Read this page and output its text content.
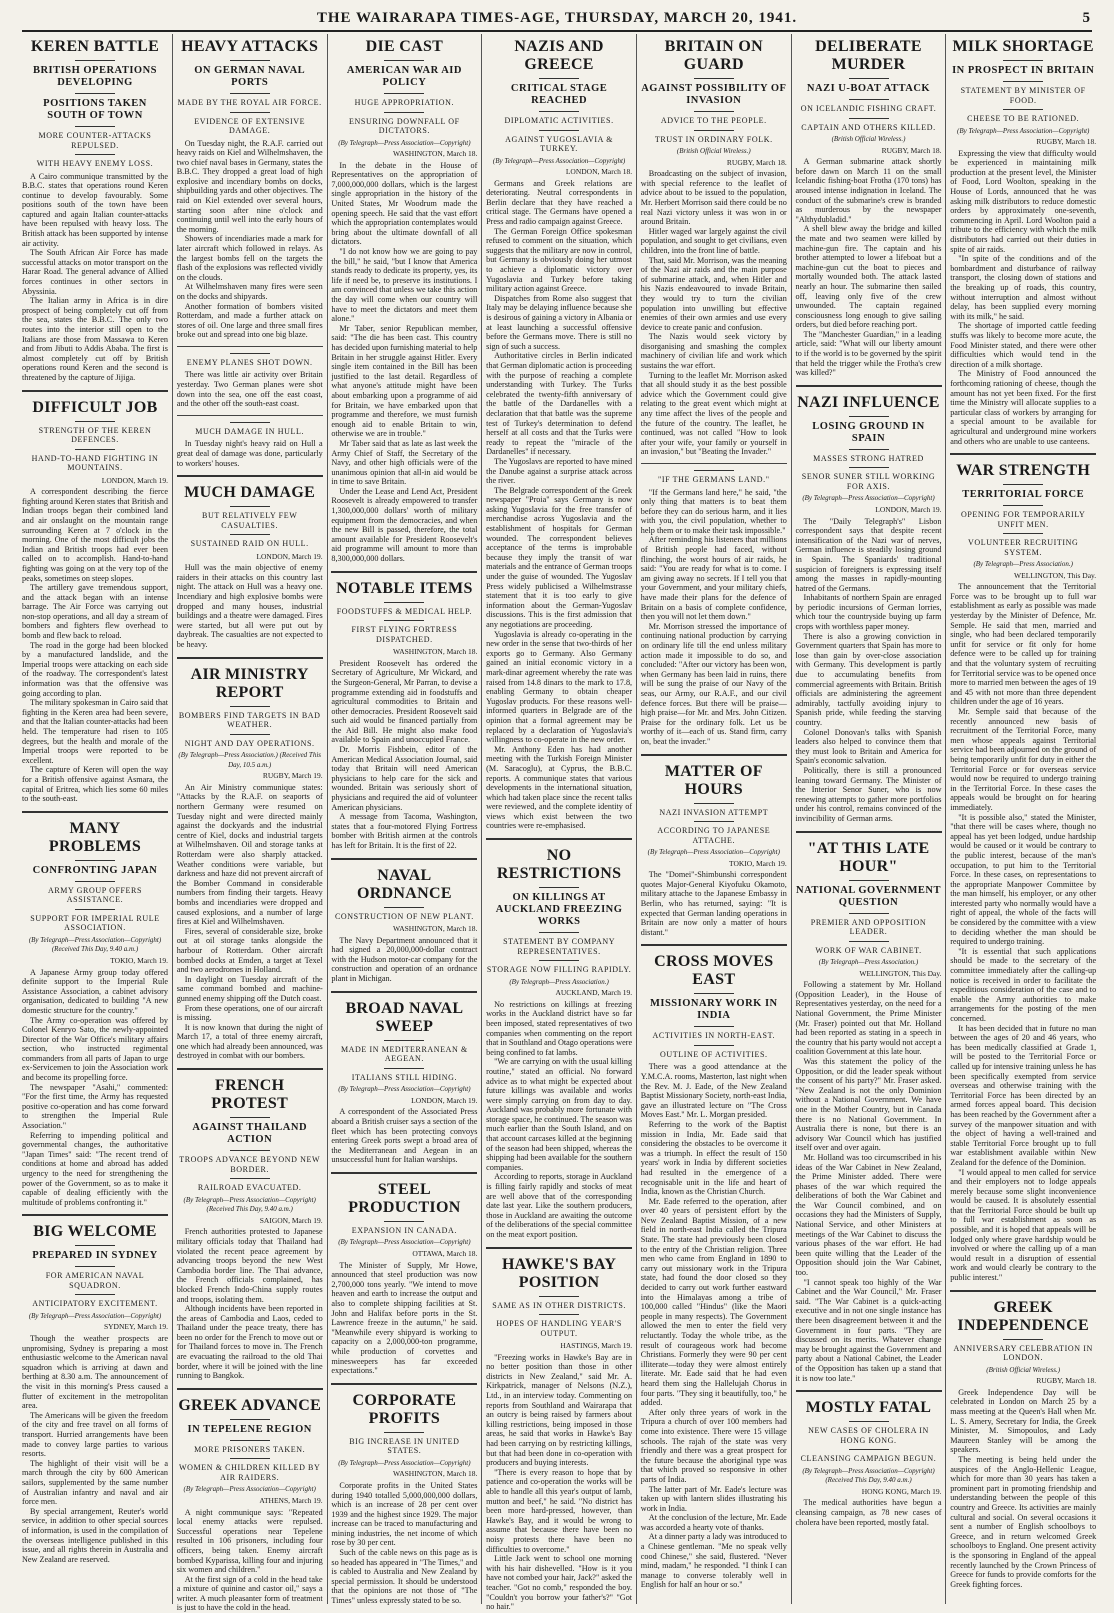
THE WAIRARAPA TIMES-AGE, THURSDAY, MARCH 20, 1941.	5
KEREN BATTLE
BRITISH OPERATIONS DEVELOPING
POSITIONS TAKEN SOUTH OF TOWN
MORE COUNTER-ATTACKS REPULSED.
WITH HEAVY ENEMY LOSS.

A Cairo communique transmitted by the B.B.C. states that operations round Keren continue to develop favourably. Some positions south of the town have been captured and again Italian counter-attacks have been repulsed with heavy loss. The British attack has been supported by intense air activity.

The South African Air Force has made successful attacks on motor transport on the Harar Road. The general advance of Allied forces continues in other sectors in Abyssinia.

The Italian army in Africa is in dire prospect of being completely cut off from the sea, states the B.B.C. The only two routes into the interior still open to the Italians are those from Massawa to Keren and from Jibuti to Addis Ababa. The first is almost completely cut off by British operations round Keren and the second is threatened by the capture of Jijiga.

DIFFICULT JOB
STRENGTH OF THE KEREN DEFENCES.
HAND-TO-HAND FIGHTING IN MOUNTAINS.
LONDON, March 19.

A correspondent describing the fierce fighting around Keren states that British and Indian troops began their combined land and air onslaught on the mountain range surrounding Keren at 7 o'clock in the morning. One of the most difficult jobs the Indian and British troops had ever been called on to accomplish. Hand-to-hand fighting was going on at the very top of the peaks, sometimes on steep slopes.

The artillery gave tremendous support, and the attack began with an intense barrage. The Air Force was carrying out non-stop operations, and all day a stream of bombers and fighters flew overhead to bomb and flew back to reload.

The road in the gorge had been blocked by a manufactured landslide, and the Imperial troops were attacking on each side of the roadway. The correspondent's latest information was that the offensive was going according to plan.

The military spokesman in Cairo said that fighting in the Keren area had been severe, and that the Italian counter-attacks had been held. The temperature had risen to 105 degrees, but the health and morale of the Imperial troops were reported to be excellent.

The capture of Keren will open the way for a British offensive against Asmara, the capital of Eritrea, which lies some 60 miles to the south-east.

MANY PROBLEMS
CONFRONTING JAPAN
ARMY GROUP OFFERS ASSISTANCE.
SUPPORT FOR IMPERIAL RULE ASSOCIATION.
(By Telegraph—Press Association—Copyright) (Received This Day, 9.40 a.m.)
TOKIO, March 19.

A Japanese Army group today offered definite support to the Imperial Rule Assistance Association, a cabinet advisory organisation, dedicated to building "A new domestic structure for the country."

The Army co-operation was offered by Colonel Kenryo Sato, the newly-appointed Director of the War Office's military affairs section, who instructed regimental commanders from all parts of Japan to urge ex-Servicemen to join the Association work and become its propelling force.

The newspaper "Asahi," commented: "For the first time, the Army has requested positive co-operation and has come forward to strengthen the Imperial Rule Association."

Referring to impending political and governmental changes, the authoritative "Japan Times" said: "The recent trend of conditions at home and abroad has added urgency to the need for strengthening the power of the Government, so as to make it capable of dealing efficiently with the multitude of problems confronting it."

BIG WELCOME
PREPARED IN SYDNEY
FOR AMERICAN NAVAL SQUADRON.
ANTICIPATORY EXCITEMENT.
(By Telegraph—Press Association—Copyright)
SYDNEY, March 19.

Though the weather prospects are unpromising, Sydney is preparing a most enthusiastic welcome to the American naval squadron which is arriving at dawn and berthing at 8.30 a.m. The announcement of the visit in this morning's Press caused a flutter of excitement in the metropolitan area.

The Americans will be given the freedom of the city and free travel on all forms of transport. Hurried arrangements have been made to convey large parties to various resorts.

The highlight of their visit will be a march through the city by 600 American sailors, supplemented by the same number of Australian infantry and naval and air force men.

By special arrangement, Reuter's world service, in addition to other special sources of information, is used in the compilation of the overseas intelligence published in this issue, and all rights therein in Australia and New Zealand are reserved.

HEAVY ATTACKS
ON GERMAN NAVAL PORTS
MADE BY THE ROYAL AIR FORCE.
EVIDENCE OF EXTENSIVE DAMAGE.

On Tuesday night, the R.A.F. carried out heavy raids on Kiel and Wilhelmshaven, the two chief naval bases in Germany, states the B.B.C. They dropped a great load of high explosive and incendiary bombs on docks, shipbuilding yards and other objectives. The raid on Kiel extended over several hours, starting soon after nine o'clock and continuing until well into the early hours of the morning.

Showers of incendiaries made a mark for later aircraft which followed in relays. As the largest bombs fell on the targets the flash of the explosions was reflected vividly on the clouds.

At Wilhelmshaven many fires were seen on the docks and shipyards.

Another formation of bombers visited Rotterdam, and made a further attack on stores of oil. One large and three small fires broke out and spread into one big blaze.

ENEMY PLANES SHOT DOWN.

There was little air activity over Britain yesterday. Two German planes were shot down into the sea, one off the east coast, and the other off the south-east coast.

MUCH DAMAGE IN HULL.

In Tuesday night's heavy raid on Hull a great deal of damage was done, particularly to workers' houses.

MUCH DAMAGE
BUT RELATIVELY FEW CASUALTIES.
SUSTAINED RAID ON HULL.
LONDON, March 19.

Hull was the main objective of enemy raiders in their attacks on this country last night. The attack on Hull was a heavy one. Incendiary and high explosive bombs were dropped and many houses, industrial buildings and a theatre were damaged. Fires were started, but all were put out by daybreak. The casualties are not expected to be heavy.

AIR MINISTRY REPORT
BOMBERS FIND TARGETS IN BAD WEATHER.
NIGHT AND DAY OPERATIONS.
(By Telegraph—Press Association.) (Received This Day, 10.5 a.m.)
RUGBY, March 19.

An Air Ministry communique states: "Attacks by the R.A.F. on seaports of northern Germany were resumed on Tuesday night and were directed mainly against the dockyards and the industrial centre of Kiel, docks and industrial targets at Wilhelmshaven. Oil and storage tanks at Rotterdam were also sharply attacked. Weather conditions were variable, but darkness and haze did not prevent aircraft of the Bomber Command in considerable numbers from finding their targets. Heavy bombs and incendiaries were dropped and caused explosions, and a number of large fires at Kiel and Wilhelmshaven.

Fires, several of considerable size, broke out at oil storage tanks alongside the harbour of Rotterdam. Other aircraft bombed docks at Emden, a target at Texel and two aerodromes in Holland.

In daylight on Tuesday aircraft of the same command bombed and machine-gunned enemy shipping off the Dutch coast.

From these operations, one of our aircraft is missing.

It is now known that during the night of March 17, a total of three enemy aircraft, one which had already been announced, was destroyed in combat with our bombers.

FRENCH PROTEST
AGAINST THAILAND ACTION
TROOPS ADVANCE BEYOND NEW BORDER.
RAILROAD EVACUATED.
(By Telegraph—Press Association—Copyright) (Received This Day, 9.40 a.m.)
SAIGON, March 19.

French authorities protested to Japanese military officials today that Thailand had violated the recent peace agreement by advancing troops beyond the new West Cambodia border line. The Thai advance, the French officials complained, has blocked French Indo-China supply routes and troops, isolating them.

Although incidents have been reported in the areas of Cambodia and Laos, ceded to Thailand under the peace treaty, there has been no order for the French to move out or for Thailand forces to move in. The French are evacuating the railroad to the old Thai border, where it will be joined with the line running to Bangkok.

GREEK ADVANCE
IN TEPELENE REGION
MORE PRISONERS TAKEN.
WOMEN & CHILDREN KILLED BY AIR RAIDERS.
(By Telegraph—Press Association—Copyright)
ATHENS, March 19.

A night communique says: "Repeated local enemy attacks were repulsed. Successful operations near Tepelene resulted in 106 prisoners, including four officers, being taken. Enemy aircraft bombed Kyparissa, killing four and injuring six women and children."

At the first sign of a cold in the head take a mixture of quinine and castor oil," says a writer. A much pleasanter form of treatment is just to have the cold in the head.

DIE CAST
AMERICAN WAR AID POLICY
HUGE APPROPRIATION.
ENSURING DOWNFALL OF DICTATORS.
(By Telegraph—Press Association—Copyright)
WASHINGTON, March 18.

In the debate in the House of Representatives on the appropriation of 7,000,000,000 dollars, which is the largest single appropriation in the history of the United States, Mr Woodrum made the opening speech. He said that the vast effort which the appropriation contemplates would bring about the ultimate downfall of all dictators.

"I do not know how we are going to pay the bill," he said, "but I know that America stands ready to dedicate its property, yes, its life if need be, to preserve its institutions. I am convinced that unless we take this action the day will come when our country will have to meet the dictators and meet them alone."

Mr Taber, senior Republican member, said: "The die has been cast. This country has decided upon furnishing material to help Britain in her struggle against Hitler. Every single item contained in the Bill has been justified to the last detail. Regardless of what anyone's attitude might have been about embarking upon a programme of aid for Britain, we have embarked upon that programme and therefore, we must furnish enough aid to enable Britain to win, otherwise we are in trouble."

Mr Taber said that as late as last week the Army Chief of Staff, the Secretary of the Navy, and other high officials were of the unanimous opinion that all-in aid would be in time to save Britain.

Under the Lease and Lend Act, President Roosevelt is already empowered to transfer 1,300,000,000 dollars' worth of military equipment from the democracies, and when the new Bill is passed, therefore, the total amount available for President Roosevelt's aid programme will amount to more than 8,300,000,000 dollars.

NOTABLE ITEMS
FOODSTUFFS & MEDICAL HELP.
FIRST FLYING FORTRESS DISPATCHED.
WASHINGTON, March 18.

President Roosevelt has ordered the Secretary of Agriculture, Mr Wickard, and the Surgeon-General, Mr Parran, to devise a programme extending aid in foodstuffs and agricultural commodities to Britain and other democracies. President Roosevelt said such aid would be financed partially from the Aid Bill. He might also make food available to Spain and unoccupied France.

Dr. Morris Fishbein, editor of the American Medical Association Journal, said today that Britain will need American physicians to help care for the sick and wounded. Britain was seriously short of physicians and required the aid of volunteer American physicians.

A message from Tacoma, Washington, states that a four-motored Flying Fortress bomber with British airmen at the controls has left for Britain. It is the first of 22.

NAVAL ORDNANCE
CONSTRUCTION OF NEW PLANT.
WASHINGTON, March 18.

The Navy Department announced that it had signed a 20,000,000-dollar contract with the Hudson motor-car company for the construction and operation of an ordnance plant in Michigan.

BROAD NAVAL SWEEP
MADE IN MEDITERRANEAN & AEGEAN.
ITALIANS STILL HIDING.
(By Telegraph—Press Association—Copyright)
LONDON, March 19.

A correspondent of the Associated Press aboard a British cruiser says a section of the fleet which has been protecting convoys entering Greek ports swept a broad area of the Mediterranean and Aegean in an unsuccessful hunt for Italian warships.

STEEL PRODUCTION
EXPANSION IN CANADA.
(By Telegraph—Press Association—Copyright)
OTTAWA, March 18.

The Minister of Supply, Mr Howe, announced that steel production was now 2,700,000 tons yearly. "We intend to move heaven and earth to increase the output and also to complete shipping facilities at St. John and Halifax before ports in the St. Lawrence freeze in the autumn," he said. "Meanwhile every shipyard is working to capacity on a 2,000,000-ton programme, while production of corvettes and minesweepers has far exceeded expectations."

CORPORATE PROFITS
BIG INCREASE IN UNITED STATES.
(By Telegraph—Press Association—Copyright)
WASHINGTON, March 18.

Corporate profits in the United States during 1940 totalled 5,000,000,000 dollars, which is an increase of 28 per cent over 1939 and the highest since 1929. The major increase can be traced to manufacturing and mining industries, the net income of which rose by 30 per cent.

Such of the cable news on this page as is so headed has appeared in "The Times," and is cabled to Australia and New Zealand by special permission. It should be understood that the opinions are not those of "The Times" unless expressly stated to be so.

NAZIS AND GREECE
CRITICAL STAGE REACHED
DIPLOMATIC ACTIVITIES.
AGAINST YUGOSLAVIA & TURKEY.
(By Telegraph—Press Association—Copyright)
LONDON, March 18.

Germans and Greek relations are deteriorating. Neutral correspondents in Berlin declare that they have reached a critical stage. The Germans have opened a Press and radio campaign against Greece.

The German Foreign Office spokesman refused to comment on the situation, which suggests that the military are now in control, but Germany is obviously doing her utmost to achieve a diplomatic victory over Yugoslavia and Turkey before taking military action against Greece.

Dispatches from Rome also suggest that Italy may be delaying influence because she is desirous of gaining a victory in Albania or at least launching a successful offensive before the Germans move. There is still no sign of such a success.

Authoritative circles in Berlin indicated that German diplomatic action is proceeding with the purpose of reaching a complete understanding with Turkey. The Turks celebrated the twenty-fifth anniversary of the battle of the Dardanelles with a declaration that that battle was the supreme test of Turkey's determination to defend herself at all costs and that the Turks were ready to repeat the "miracle of the Dardanelles" if necessary.

The Yugoslavs are reported to have mined the Danube against a surprise attack across the river.

The Belgrade correspondent of the Greek newspaper "Proia" says Germany is now asking Yugoslavia for the free transfer of merchandise across Yugoslavia and the establishment of hospitals for German wounded. The correspondent believes acceptance of the terms is improbable because they imply the transit of war materials and the entrance of German troops under the guise of wounded. The Yugoslav Press widely publicised a Wilhelmstrasse statement that it is too early to give information about the German-Yugoslav discussions. This is the first admission that any negotiations are proceeding.

Yugoslavia is already co-operating in the new order in the sense that two-thirds of her exports go to Germany. Also Germany gained an initial economic victory in a mark-dinar agreement whereby the rate was raised from 14.8 dinars to the mark to 17.8, enabling Germany to obtain cheaper Yugoslav products. For these reasons well-informed quarters in Belgrade are of the opinion that a formal agreement may be replaced by a declaration of Yugoslavia's willingness to co-operate in the new order.

Mr. Anthony Eden has had another meeting with the Turkish Foreign Minister (M. Saracoglu), at Cyprus, the B.B.C. reports. A communique states that various developments in the international situation, which had taken place since the recent talks were reviewed, and the complete identity of views which exist between the two countries were re-emphasised.

NO RESTRICTIONS
ON KILLINGS AT AUCKLAND FREEZING WORKS
STATEMENT BY COMPANY REPRESENTATIVES.
STORAGE NOW FILLING RAPIDLY.
(By Telegraph—Press Association.)
AUCKLAND, March 19.

No restrictions on killings at freezing works in the Auckland district have so far been imposed, stated representatives of two companies when commenting on the report that in Southland and Otago operations were being confined to fat lambs.

"We are carrying on with the usual killing routine," stated an official. No forward advice as to what might be expected about future killings was available and works were simply carrying on from day to day. Auckland was probably more fortunate with storage space, he continued. The season was much earlier than the South Island, and on that account carcases killed at the beginning of the season had been shipped, whereas the shipping had been available for the southern companies.

According to reports, storage in Auckland is filling fairly rapidly and stocks of meat are well above that of the corresponding date last year. Like the southern producers, those in Auckland are awaiting the outcome of the deliberations of the special committee on the meat export position.

HAWKE'S BAY POSITION
SAME AS IN OTHER DISTRICTS.
HOPES OF HANDLING YEAR'S OUTPUT.
HASTINGS, March 19.

"Freezing works in Hawke's Bay are in no better position than those in other districts in New Zealand," said Mr. A. Kirkpatrick, manager of Nelsons (N.Z.), Ltd., in an interview today. Commenting on reports from Southland and Wairarapa that an outcry is being raised by farmers about killing restrictions, being imposed in those areas, he said that works in Hawke's Bay had been carrying on by restricting killings, but that had been done in co-operation with producers and buying interests.

"There is every reason to hope that by patience and co-operation the works will be able to handle all this year's output of lamb, mutton and beef," he said. "No district has been more hard-pressed, however, than Hawke's Bay, and it would be wrong to assume that because there have been no noisy protests there have been no difficulties to overcome."

Little Jack went to school one morning with his hair dishevelled. "How is it you have not combed your hair, Jack?" asked the teacher. "Got no comb," responded the boy. "Couldn't you borrow your father's?" "Got no hair."

BRITAIN ON GUARD
AGAINST POSSIBILITY OF INVASION
ADVICE TO THE PEOPLE.
TRUST IN ORDINARY FOLK.
(British Official Wireless.)
RUGBY, March 18.

Broadcasting on the subject of invasion, with special reference to the leaflet of advice about to be issued to the population, Mr. Herbert Morrison said there could be no real Nazi victory unless it was won in or around Britain.

Hitler waged war largely against the civil population, and sought to get civilians, even children, into the front line of battle.

That, said Mr. Morrison, was the meaning of the Nazi air raids and the main purpose of submarine attack, and, when Hitler and his Nazis endeavoured to invade Britain, they would try to turn the civilian population into unwilling but effective enemies of their own armies and use every device to create panic and confusion.

The Nazis would seek victory by disorganising and smashing the complex machinery of civilian life and work which sustains the war effort.

Turning to the leaflet Mr. Morrison asked that all should study it as the best possible advice which the Government could give relating to the great event which might at any time affect the lives of the people and the future of the country. The leaflet, he continued, was not called "How to look after your wife, your family or yourself in an invasion," but "Beating the Invader."

"IF THE GERMANS LAND."

"If the Germans land here," he said, "the only thing that matters is to beat them before they can do serious harm, and it lies with you, the civil population, whether to help them or to make their task impossible."

After reminding his listeners that millions of British people had faced, without flinching, the worst hours of air raids, he said: "You are ready for what is to come. I am giving away no secrets. If I tell you that your Government, and your military chiefs, have made their plans for the defence of Britain on a basis of complete confidence, then you will not let them down."

Mr. Morrison stressed the importance of continuing national production by carrying on ordinary life till the end unless military action made it impossible to do so, and concluded: "After our victory has been won, when Germany has been laid in ruins, there will be sung the praise of our Navy of the seas, our Army, our R.A.F., and our civil defence forces. But there will be praise—high praise—for Mr. and Mrs. John Citizen. Praise for the ordinary folk. Let us be worthy of it—each of us. Stand firm, carry on, beat the invader."

MATTER OF HOURS
NAZI INVASION ATTEMPT
ACCORDING TO JAPANESE ATTACHE.
(By Telegraph—Press Association—Copyright)
TOKIO, March 19.

The "Domei"-Shimbunshi correspondent quotes Major-General Kiyofuku Okamoto, military attache to the Japanese Embassy in Berlin, who has returned, saying: "It is expected that German landing operations in Britain are now only a matter of hours distant."

CROSS MOVES EAST
MISSIONARY WORK IN INDIA
ACTIVITIES IN NORTH-EAST.
OUTLINE OF ACTIVITIES.

There was a good attendance at the Y.M.C.A. rooms, Masterton, last night when the Rev. M. J. Eade, of the New Zealand Baptist Missionary Society, north-east India, gave an illustrated lecture on "The Cross Moves East." Mr. L. Morgan presided.

Referring to the work of the Baptist mission in India, Mr. Eade said that considering the obstacles to be overcome it was a triumph. In effect the result of 150 years' work in India by different societies had resulted in the emergence of a recognisable unit in the life and heart of India, known as the Christian Church.

Mr. Eade referred to the operation, after over 40 years of persistent effort by the New Zealand Baptist Mission, of a new field in north-east India called the Tripura State. The state had previously been closed to the entry of the Christian religion. Three men who came from England in 1890 to carry out missionary work in the Tripura state, had found the door closed so they decided to carry out work further eastward into the Himalayas among a tribe of 100,000 called "Hindus" (like the Maori people in many respects). The Government allowed the men to enter the field very reluctantly. Today the whole tribe, as the result of courageous work had become Christians. Formerly they were 90 per cent illiterate—today they were almost entirely literate. Mr. Eade said that he had even heard them sing the Hallelujah Chorus in four parts. "They sing it beautifully, too," he added.

After only three years of work in the Tripura a church of over 100 members had come into existence. There were 15 village schools. The rajah of the state was very friendly and there was a great prospect for the future because the aboriginal type was that which proved so responsive in other parts of India.

The latter part of Mr. Eade's lecture was taken up with lantern slides illustrating his work in India.

At the conclusion of the lecture, Mr. Eade was accorded a hearty vote of thanks.

At a dinner party a lady was introduced to a Chinese gentleman. "Me no speak velly cood Chinese," she said, flustered. "Never mind, madam," he responded. "I think I can manage to converse tolerably well in English for half an hour or so."

DELIBERATE MURDER
NAZI U-BOAT ATTACK
ON ICELANDIC FISHING CRAFT.
CAPTAIN AND OTHERS KILLED.
(British Official Wireless.)
RUGBY, March 18.

A German submarine attack shortly before dawn on March 11 on the small Icelandic fishing-boat Frotha (170 tons) has aroused intense indignation in Iceland. The conduct of the submarine's crew is branded as murderous by the newspaper "Althydubladid."

A shell blew away the bridge and killed the mate and two seamen were killed by machine-gun fire. The captain and his brother attempted to lower a lifeboat but a machine-gun cut the boat to pieces and mortally wounded both. The attack lasted nearly an hour. The submarine then sailed off, leaving only five of the crew unwounded. The captain regained consciousness long enough to give sailing orders, but died before reaching port.

The "Manchester Guardian," in a leading article, said: "What will our liberty amount to if the world is to be governed by the spirit that held the trigger while the Frotha's crew was killed?"

NAZI INFLUENCE
LOSING GROUND IN SPAIN
MASSES STRONG HATRED
SENOR SUNER STILL WORKING FOR AXIS.
(By Telegraph—Press Association—Copyright)
LONDON, March 19.

The "Daily Telegraph's" Lisbon correspondent says that despite recent intensification of the Nazi war of nerves, German influence is steadily losing ground in Spain. The Spaniards' traditional suspicion of foreigners is expressing itself among the masses in rapidly-mounting hatred of the Germans.

Inhabitants of northern Spain are enraged by periodic incursions of German lorries, which tour the countryside buying up farm crops with worthless paper money.

There is also a growing conviction in Government quarters that Spain has more to lose than gain by over-close association with Germany. This development is partly due to accumulating benefits from commercial agreements with Britain. British officials are administering the agreement admirably, tactfully avoiding injury to Spanish pride, while feeding the starving country.

Colonel Donovan's talks with Spanish leaders also helped to convince them that they must look to Britain and America for Spain's economic salvation.

Politically, there is still a pronounced leaning toward Germany. The Minister of the Interior Senor Suner, who is now renewing attempts to gather more portfolios under his control, remains convinced of the invincibility of German arms.

"AT THIS LATE HOUR"
NATIONAL GOVERNMENT QUESTION
PREMIER AND OPPOSITION LEADER.
WORK OF WAR CABINET.
(By Telegraph—Press Association.)
WELLINGTON, This Day.

Following a statement by Mr. Holland (Opposition Leader), in the House of Representatives yesterday, on the need for a National Government, the Prime Minister (Mr. Fraser) pointed out that Mr. Holland had been reported as stating in a speech in the country that his party would not accept a coalition Government at this late hour.

Was this statement the policy of the Opposition, or did the leader speak without the consent of his party?" Mr. Fraser asked. "New Zealand is not the only Dominion without a National Government. We have one in the Mother Country, but in Canada there is no National Government. In Australia there is none, but there is an advisory War Council which has justified itself over and over again.

Mr. Holland was too circumscribed in his ideas of the War Cabinet in New Zealand, the Prime Minister added. There were phases of the war which required the deliberations of both the War Cabinet and the War Council combined, and on occasions they had the Ministers of Supply, National Service, and other Ministers at meetings of the War Cabinet to discuss the various phases of the war effort. He had been quite willing that the Leader of the Opposition should join the War Cabinet, too.

"I cannot speak too highly of the War Cabinet and the War Council," Mr. Fraser said. "The War Cabinet is a quick-acting executive and in not one single instance has there been disagreement between it and the Government in four parts. "They are discussed on its merits. Whatever change may be brought against the Government and party about a National Cabinet, the Leader of the Opposition has taken up a stand that it is now too late."

MOSTLY FATAL
NEW CASES OF CHOLERA IN HONG KONG.
CLEANSING CAMPAIGN BEGUN.
(By Telegraph—Press Association—Copyright) (Received This Day, 9.40 a.m.)
HONG KONG, March 19.

The medical authorities have begun a cleansing campaign, as 78 new cases of cholera have been reported, mostly fatal.

MILK SHORTAGE
IN PROSPECT IN BRITAIN
STATEMENT BY MINISTER OF FOOD.
CHEESE TO BE RATIONED.
(By Telegraph—Press Association—Copyright)
RUGBY, March 18.

Expressing the view that difficulty would be experienced in maintaining milk production at the present level, the Minister of Food, Lord Woolton, speaking in the House of Lords, announced that he was asking milk distributors to reduce domestic orders by approximately one-seventh, commencing in April. Lord Woolton paid a tribute to the efficiency with which the milk distributors had carried out their duties in spite of air raids.

"In spite of the conditions and of the bombardment and disturbance of railway transport, the closing down of stations and the breaking up of roads, this country, without interruption and almost without delay, has been supplied every morning with its milk," he said.

The shortage of imported cattle feeding stuffs was likely to become more acute, the Food Minister stated, and there were other difficulties which would tend in the direction of a milk shortage.

The Ministry of Food announced the forthcoming rationing of cheese, though the amount has not yet been fixed. For the first time the Ministry will allocate supplies to a particular class of workers by arranging for a special amount to be available for agricultural and underground mine workers and others who are unable to use canteens.

WAR STRENGTH
TERRITORIAL FORCE
OPENING FOR TEMPORARILY UNFIT MEN.
VOLUNTEER RECRUITING SYSTEM.
(By Telegraph—Press Association.)
WELLINGTON, This Day.

The announcement that the Territorial Force was to be brought up to full war establishment as early as possible was made yesterday by the Minister of Defence, Mr. Semple. He said that men, married and single, who had been declared temporarily unfit for service or fit only for home defence were to be called up for training and that the voluntary system of recruiting for Territorial service was to be opened once more to married men between the ages of 19 and 45 with not more than three dependent children under the age of 16 years.

Mr. Semple said that because of the recently announced new basis of recruitment of the Territorial Force, many men whose appeals against Territorial service had been adjourned on the ground of being temporarily unfit for duty in either the Territorial Force or for overseas service would now be required to undergo training in the Territorial Force. In these cases the appeals would be brought on for hearing immediately.

"It is possible also," stated the Minister, "that there will be cases where, though no appeal has yet been lodged, undue hardship would be caused or it would be contrary to the public interest, because of the man's occupation, to put him to the Territorial Force. In these cases, on representations to the appropriate Manpower Committee by the man himself, his employer, or any other interested party who normally would have a right of appeal, the whole of the facts will be considered by the committee with a view to deciding whether the man should be required to undergo training.

"It is essential that such applications should be made to the secretary of the committee immediately after the calling-up notice is received in order to facilitate the expeditious consideration of the case and to enable the Army authorities to make arrangements for the posting of the men concerned.

It has been decided that in future no man between the ages of 20 and 46 years, who has been medically classified at Grade 1, will be posted to the Territorial Force or called up for intensive training unless he has been specifically exempted from service overseas and otherwise training with the Territorial Force has been directed by an armed forces appeal board. This decision has been reached by the Government after a survey of the manpower situation and with the object of having a well-trained and stable Territorial Force brought up to full war establishment available within New Zealand for the defence of the Dominion.

"I would appeal to men called for service and their employers not to lodge appeals merely because some slight inconvenience would be caused. It is absolutely essential that the Territorial Force should be built up to full war establishment as soon as possible, and it is hoped that appeals will be lodged only where grave hardship would be involved or where the calling up of a man would result in a disruption of essential work and would clearly be contrary to the public interest."

GREEK INDEPENDENCE
ANNIVERSARY CELEBRATION IN LONDON.
(British Official Wireless.)
RUGBY, March 18.

Greek Independence Day will be celebrated in London on March 25 by a mass meeting at the Queen's Hall when Mr. L. S. Amery, Secretary for India, the Greek Minister, M. Simopoulos, and Lady Maureen Stanley will be among the speakers.

The meeting is being held under the auspices of the Anglo-Hellenic League, which for more than 30 years has taken a prominent part in promoting friendship and understanding between the people of this country and Greece. Its activities are mainly cultural and social. On several occasions it sent a number of English schoolboys to Greece, and in return welcomed Greek schoolboys to England. One present activity is the sponsoring in England of the appeal recently launched by the Crown Princess of Greece for funds to provide comforts for the Greek fighting forces.
